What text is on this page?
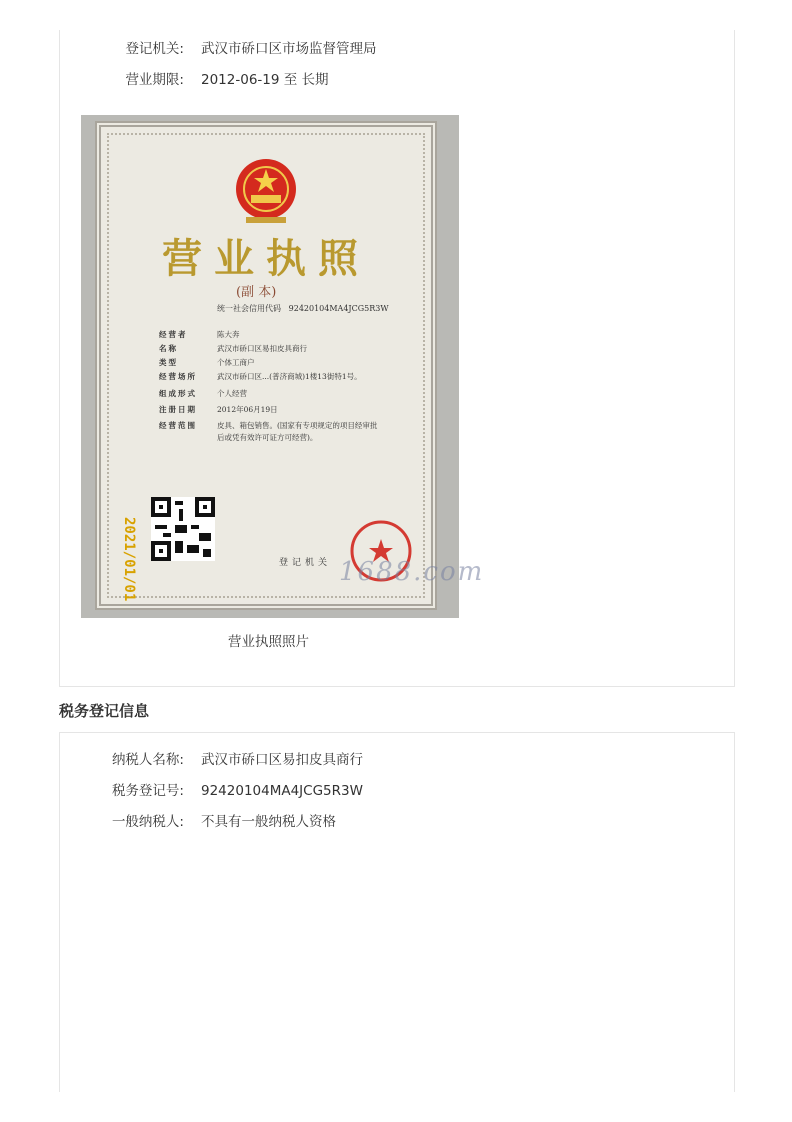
登记机关: 武汉市硚口区市场监督管理局
营业期限: 2012-06-19 至 长期
营业执照
(副 本)
统一社会信用代码 92420104MA4JCG5R3W
经营者	陈大奔
名称	武汉市硚口区易扣皮具商行
类型	个体工商户
经营场所	武汉市硚口区...(普济商城)1楼13街特1号。
组成形式	个人经营
注册日期	2012年06月19日
经营范围	皮具、箱包销售。(国家有专项规定的项目经审批
后或凭有效许可证方可经营)。
2021/01/01	登记机关 1688.com
营业执照照片
税务登记信息
纳税人名称: 武汉市硚口区易扣皮具商行
税务登记号: 92420104MA4JCG5R3W
一般纳税人: 不具有一般纳税人资格
